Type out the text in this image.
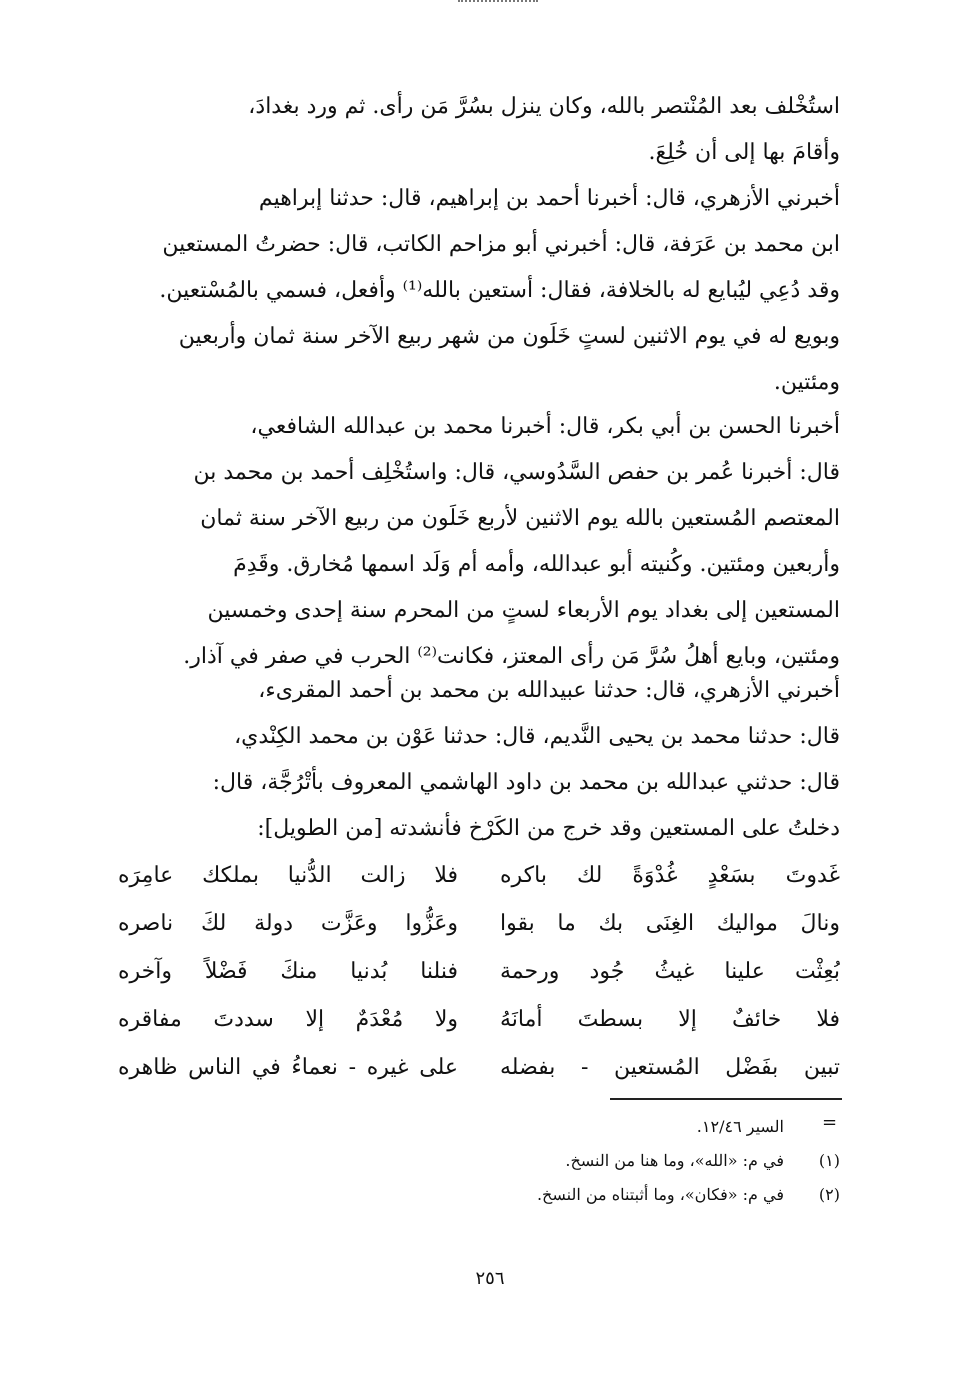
استُخْلف بعد المُنْتصر بالله، وكان ينزل بسُرَّ مَن رأى. ثم ورد بغدادَ،
وأقامَ بها إلى أن خُلِعَ.
أخبرني الأزهري، قال: أخبرنا أحمد بن إبراهيم، قال: حدثنا إبراهيم
ابن محمد بن عَرَفة، قال: أخبرني أبو مزاحم الكاتب، قال: حضرتُ المستعين
وقد دُعِي ليُبايع له بالخلافة، فقال: أستعين بالله⁽¹⁾ وأفعل، فسمي بالمُسْتعين.
وبويع له في يوم الاثنين لستٍ خَلَون من شهر ربيع الآخر سنة ثمان وأربعين
ومئتين.
أخبرنا الحسن بن أبي بكر، قال: أخبرنا محمد بن عبدالله الشافعي،
قال: أخبرنا عُمر بن حفص السَّدُوسي، قال: واستُخْلِف أحمد بن محمد بن
المعتصم المُستعين بالله يوم الاثنين لأربع خَلَون من ربيع الآخر سنة ثمان
وأربعين ومئتين. وكُنيته أبو عبدالله، وأمه أم وَلَد اسمها مُخارق. وقَدِمَ
المستعين إلى بغداد يوم الأربعاء لستٍ من المحرم سنة إحدى وخمسين
ومئتين، وبايع أهلُ سُرَّ مَن رأى المعتز، فكانت⁽²⁾ الحرب في صفر في آذار.
أخبرني الأزهري، قال: حدثنا عبيدالله بن محمد بن أحمد المقرىء،
قال: حدثنا محمد بن يحيى النَّديم، قال: حدثنا عَوْن بن محمد الكِنْدي،
قال: حدثني عبدالله بن محمد بن داود الهاشمي المعروف بأتْرُجَّة، قال:
دخلتُ على المستعين وقد خرج من الكَرْخ فأنشدته [من الطويل]:
غَدوتَ بسَعْدٍ غُدْوَةً لك باكره
فلا زالت الدُّنيا بملكك عامِرَه
ونالَ مواليك الغِنَى بك ما بقوا
وعَزُّوا وعَزَّت دولة لكَ ناصره
بُعِثْت علينا غيثُ جُود ورحمة
فنلنا بُدنيا منكَ فَضْلاً وآخره
فلا خائفٌ إلا بسطتَ أمانَهُ
ولا مُعْدَمٌ إلا سددتَ مفاقره
تبين بفَضْل المُستعين - بفضله
على غيره - نعماءُ في الناس ظاهره
=
السير ١٢/٤٦.
(١)في م: «الله»، وما هنا من النسخ.
(٢)في م: «فكان»، وما أثبتناه من النسخ.
٢٥٦
